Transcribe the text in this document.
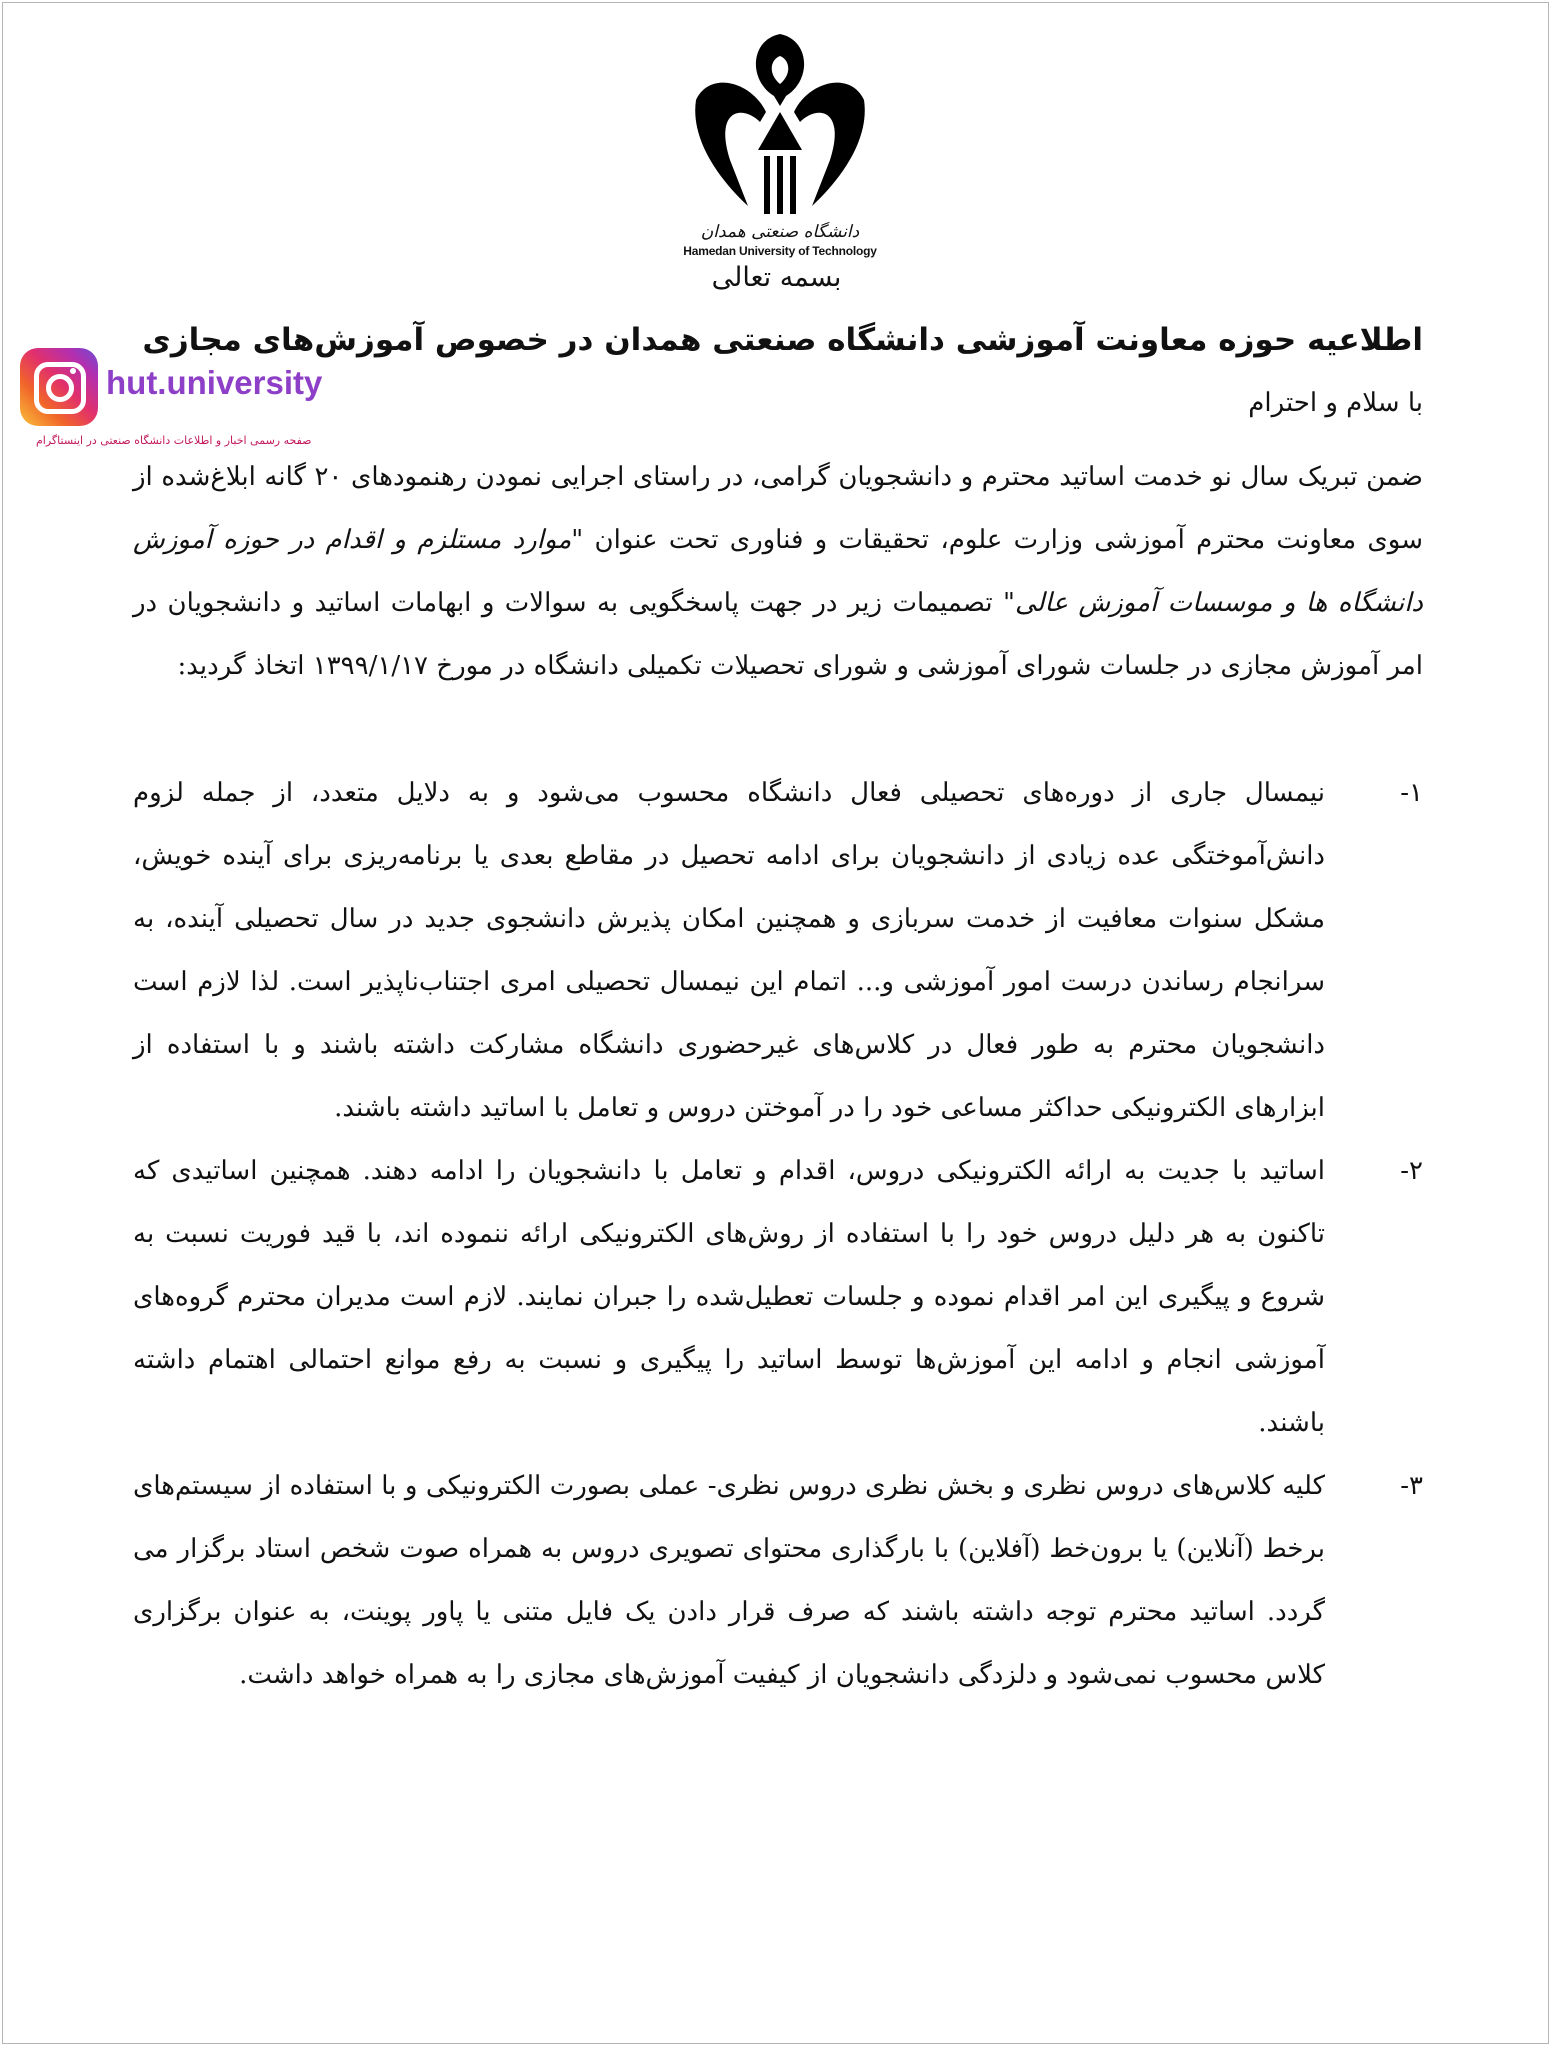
دانشگاه صنعتی همدان
Hamedan University of Technology
بسمه تعالی
hut.university
صفحه رسمی اخبار و اطلاعات دانشگاه صنعتی در اینستاگرام
اطلاعیه حوزه معاونت آموزشی دانشگاه صنعتی همدان در خصوص آموزش‌های مجازی
با سلام و احترام
ضمن تبریک سال نو خدمت اساتید محترم و دانشجویان گرامی، در راستای اجرایی نمودن رهنمودهای ۲۰ گانه ابلاغ‌شده از سوی معاونت محترم آموزشی وزارت علوم، تحقیقات و فناوری تحت عنوان "موارد مستلزم و اقدام در حوزه آموزش دانشگاه ها و موسسات آموزش عالی" تصمیمات زیر در جهت پاسخگویی به سوالات و ابهامات اساتید و دانشجویان در امر آموزش مجازی در جلسات شورای آموزشی و شورای تحصیلات تکمیلی دانشگاه در مورخ ۱۳۹۹/۱/۱۷ اتخاذ گردید:
۱-
نیمسال جاری از دوره‌های تحصیلی فعال دانشگاه محسوب می‌شود و به دلایل متعدد، از جمله لزوم دانش‌آموختگی عده زیادی از دانشجویان برای ادامه تحصیل در مقاطع بعدی یا برنامه‌ریزی برای آینده خویش، مشکل سنوات معافیت از خدمت سربازی و همچنین امکان پذیرش دانشجوی جدید در سال تحصیلی آینده، به سرانجام رساندن درست امور آموزشی و... اتمام این نیمسال تحصیلی امری اجتناب‌ناپذیر است. لذا لازم است دانشجویان محترم به طور فعال در کلاس‌های غیرحضوری دانشگاه مشارکت داشته باشند و با استفاده از ابزارهای الکترونیکی حداکثر مساعی خود را در آموختن دروس و تعامل با اساتید داشته باشند.
۲-
اساتید با جدیت به ارائه الکترونیکی دروس، اقدام و تعامل با دانشجویان را ادامه دهند. همچنین اساتیدی که تاکنون به هر دلیل دروس خود را با استفاده از روش‌های الکترونیکی ارائه ننموده اند، با قید فوریت نسبت به شروع و پیگیری این امر اقدام نموده و جلسات تعطیل‌شده را جبران نمایند. لازم است مدیران محترم گروه‌های آموزشی انجام و ادامه این آموزش‌ها توسط اساتید را پیگیری و نسبت به رفع موانع احتمالی اهتمام داشته باشند.
۳-
کلیه کلاس‌های دروس نظری و بخش نظری دروس نظری- عملی بصورت الکترونیکی و با استفاده از سیستم‌های برخط (آنلاین) یا برون‌خط (آفلاین) با بارگذاری محتوای تصویری دروس به همراه صوت شخص استاد برگزار می گردد. اساتید محترم توجه داشته باشند که صرف قرار دادن یک فایل متنی یا پاور پوینت، به عنوان برگزاری کلاس محسوب نمی‌شود و دلزدگی دانشجویان از کیفیت آموزش‌های مجازی را به همراه خواهد داشت.
